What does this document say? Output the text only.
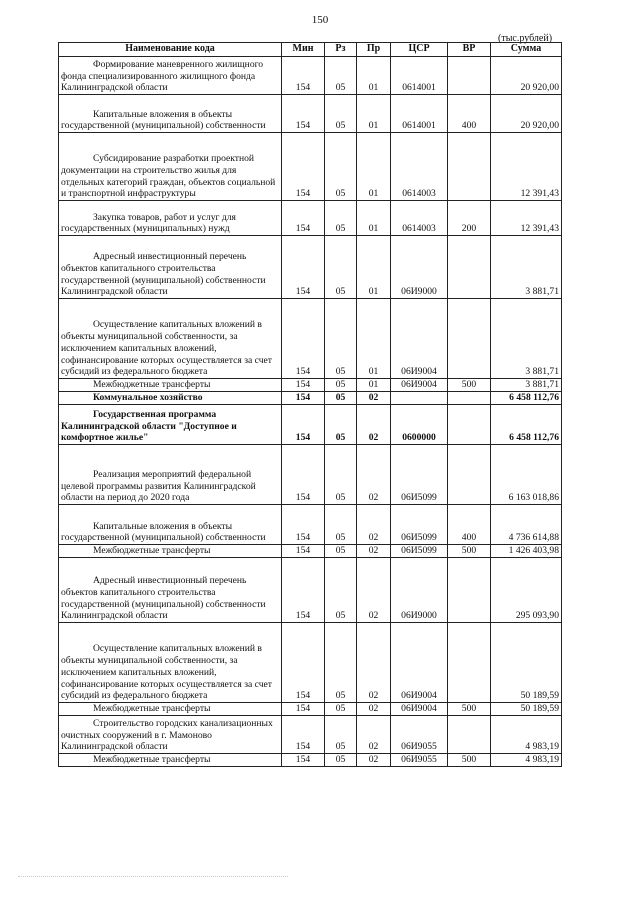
150
(тыс.рублей)
Наименование кода	Мин	Рз	Пр	ЦСР	ВР	Сумма
Формирование маневренного жилищного фонда специализированного жилищного фонда Калининградской области	154	05	01	0614001		20 920,00
Капитальные вложения в объекты государственной (муниципальной) собственности	154	05	01	0614001	400	20 920,00
Субсидирование разработки проектной документации на строительство жилья для отдельных категорий граждан, объектов социальной и транспортной инфраструктуры	154	05	01	0614003		12 391,43
Закупка товаров, работ и услуг для государственных (муниципальных) нужд	154	05	01	0614003	200	12 391,43
Адресный инвестиционный перечень объектов капитального строительства государственной (муниципальной) собственности Калининградской области	154	05	01	06И9000		3 881,71
Осуществление капитальных вложений в объекты муниципальной собственности, за исключением капитальных вложений, софинансирование которых осуществляется за счет субсидий из федерального бюджета	154	05	01	06И9004		3 881,71
Межбюджетные трансферты	154	05	01	06И9004	500	3 881,71
Коммунальное хозяйство	154	05	02			6 458 112,76
Государственная программа Калининградской области "Доступное и комфортное жилье"	154	05	02	0600000		6 458 112,76
Реализация мероприятий федеральной целевой программы развития Калининградской области на период до 2020 года	154	05	02	06И5099		6 163 018,86
Капитальные вложения в объекты государственной (муниципальной) собственности	154	05	02	06И5099	400	4 736 614,88
Межбюджетные трансферты	154	05	02	06И5099	500	1 426 403,98
Адресный инвестиционный перечень объектов капитального строительства государственной (муниципальной) собственности Калининградской области	154	05	02	06И9000		295 093,90
Осуществление капитальных вложений в объекты муниципальной собственности, за исключением капитальных вложений, софинансирование которых осуществляется за счет субсидий из федерального бюджета	154	05	02	06И9004		50 189,59
Межбюджетные трансферты	154	05	02	06И9004	500	50 189,59
Строительство городских канализационных очистных сооружений в г. Мамоново Калининградской области	154	05	02	06И9055		4 983,19
Межбюджетные трансферты	154	05	02	06И9055	500	4 983,19
